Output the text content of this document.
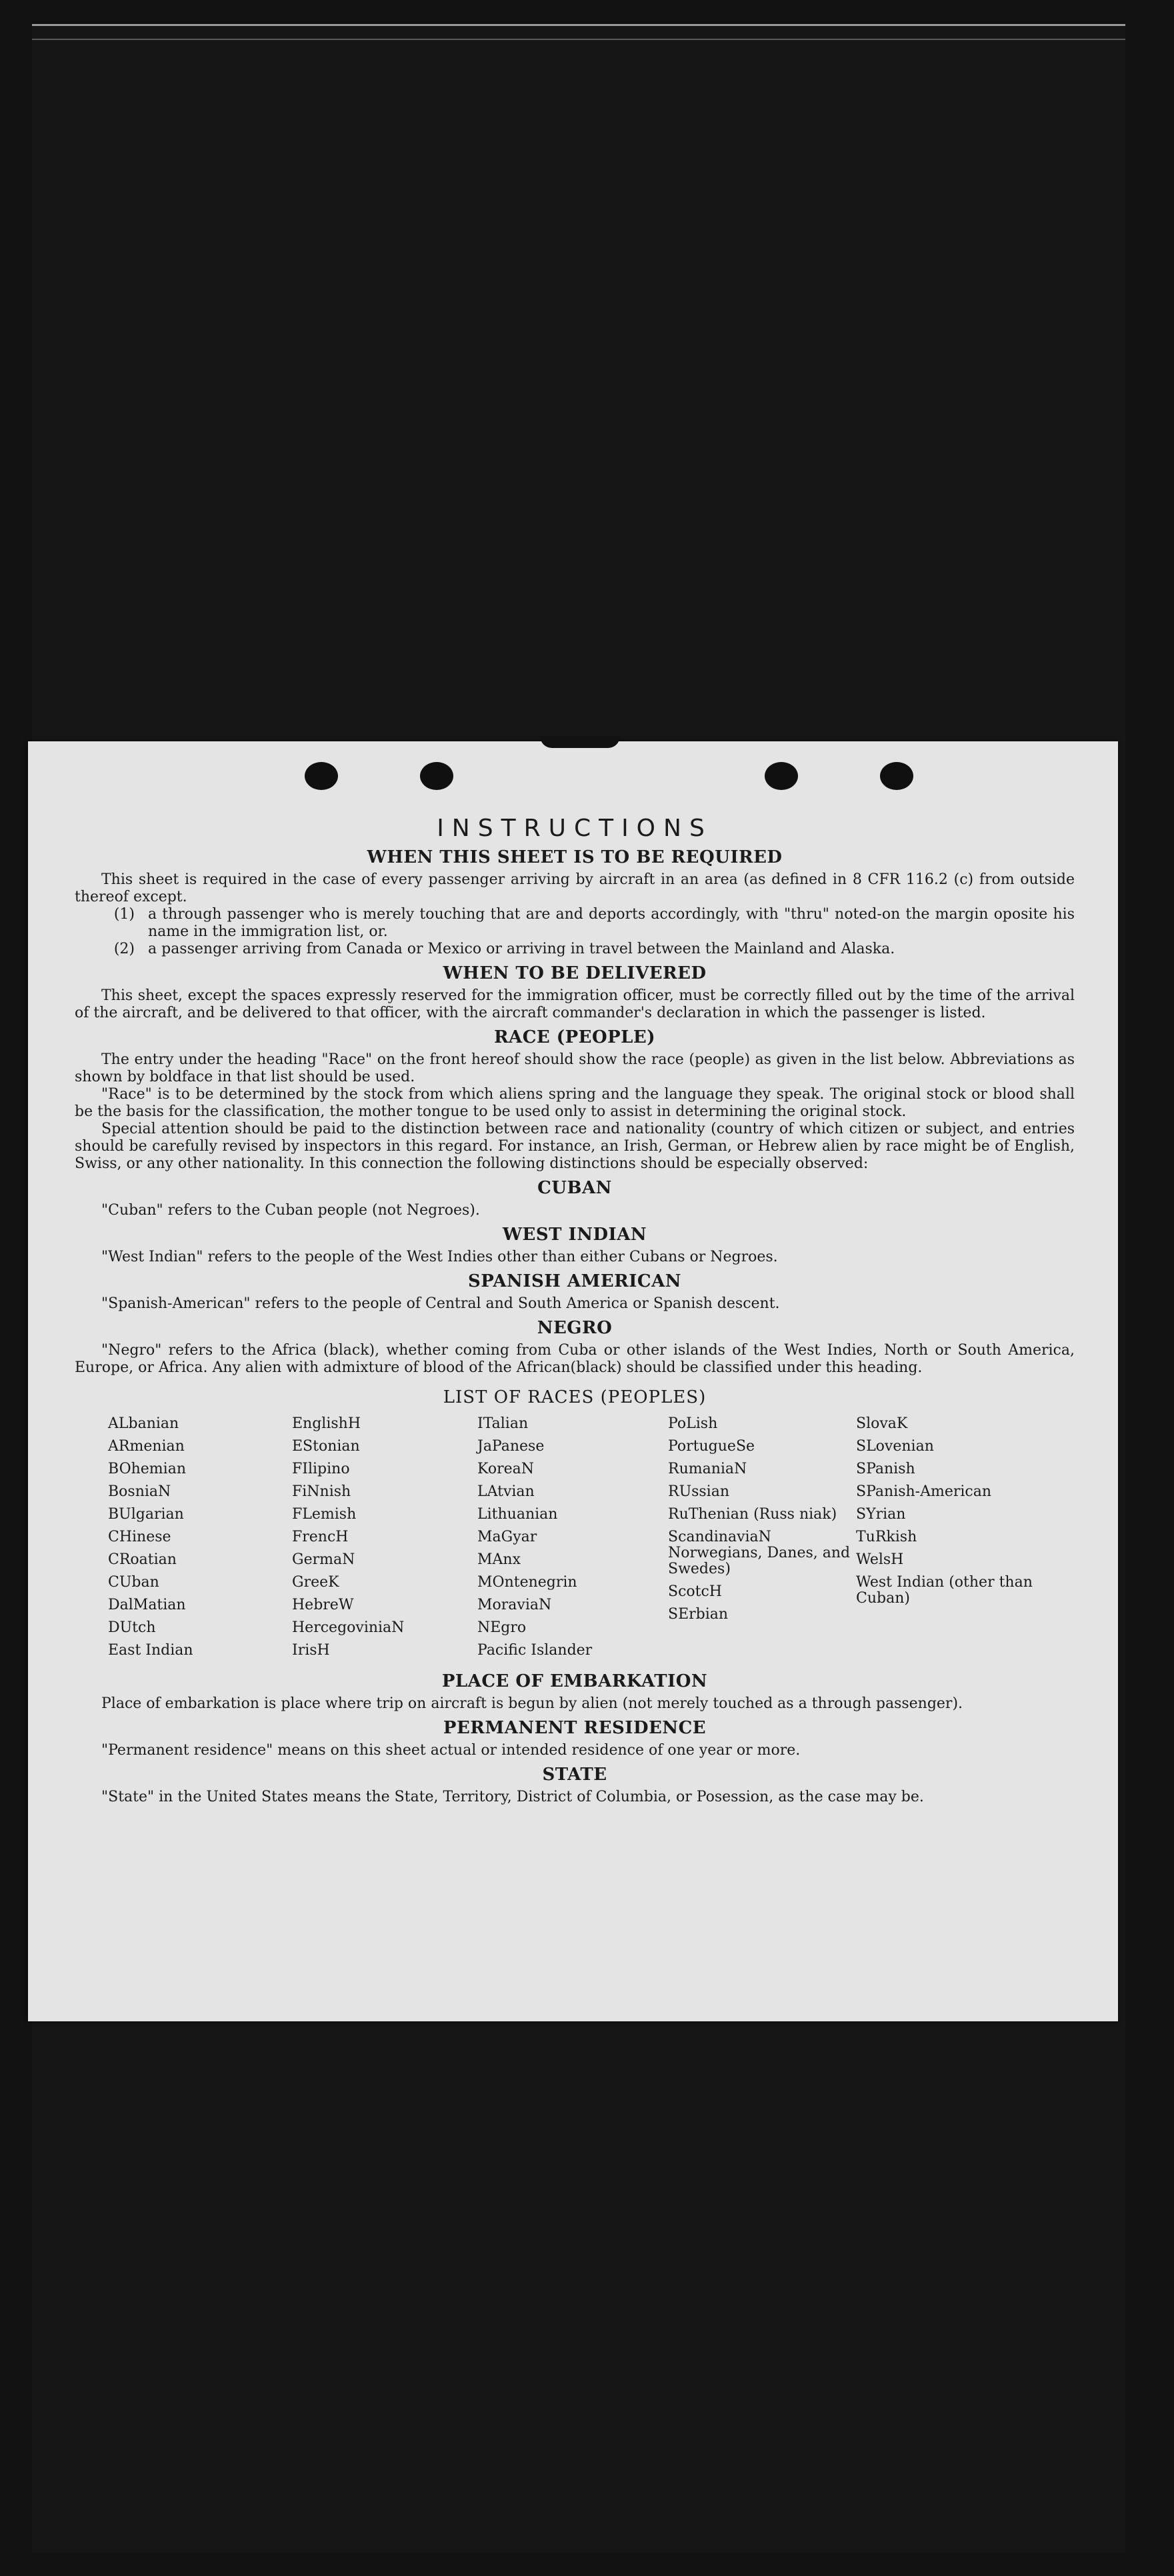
INSTRUCTIONS
WHEN THIS SHEET IS TO BE REQUIRED

This sheet is required in the case of every passenger arriving by aircraft in an area (as defined in 8 CFR 116.2 (c) from outside thereof except.

(1) a through passenger who is merely touching that are and deports accordingly, with "thru" noted-on the margin oposite his name in the immigration list, or.
(2) a passenger arriving from Canada or Mexico or arriving in travel between the Mainland and Alaska.
WHEN TO BE DELIVERED

This sheet, except the spaces expressly reserved for the immigration officer, must be correctly filled out by the time of the arrival of the aircraft, and be delivered to that officer, with the aircraft commander's declaration in which the passenger is listed.

RACE (PEOPLE)

The entry under the heading "Race" on the front hereof should show the race (people) as given in the list below. Abbreviations as shown by boldface in that list should be used.

"Race" is to be determined by the stock from which aliens spring and the language they speak. The original stock or blood shall be the basis for the classification, the mother tongue to be used only to assist in determining the original stock.

Special attention should be paid to the distinction between race and nationality (country of which citizen or subject, and entries should be carefully revised by inspectors in this regard. For instance, an Irish, German, or Hebrew alien by race might be of English, Swiss, or any other nationality. In this connection the following distinctions should be especially observed:

CUBAN

"Cuban" refers to the Cuban people (not Negroes).

WEST INDIAN

"West Indian" refers to the people of the West Indies other than either Cubans or Negroes.

SPANISH AMERICAN

"Spanish-American" refers to the people of Central and South America or Spanish descent.

NEGRO

"Negro" refers to the Africa (black), whether coming from Cuba or other islands of the West Indies, North or South America, Europe, or Africa. Any alien with admixture of blood of the African(black) should be classified under this heading.

LIST OF RACES (PEOPLES)
ALbanian
ARmenian
BOhemian
BosniaN
BUlgarian
CHinese
CRoatian
CUban
DalMatian
DUtch
East Indian
EnglishH
EStonian
FIlipino
FiNnish
FLemish
FrencH
GermaN
GreeK
HebreW
HercegoviniaN
IrisH
ITalian
JaPanese
KoreaN
LAtvian
Lithuanian
MaGyar
MAnx
MOntenegrin
MoraviaN
NEgro
Pacific Islander
PoLish
PortugueSe
RumaniaN
RUssian
RuThenian (Russ niak)
ScandinaviaN Norwegians, Danes, and Swedes)
ScotcH
SErbian
SlovaK
SLovenian
SPanish
SPanish-American
SYrian
TuRkish
WelsH
West Indian (other than Cuban)
PLACE OF EMBARKATION

Place of embarkation is place where trip on aircraft is begun by alien (not merely touched as a through passenger).

PERMANENT RESIDENCE

"Permanent residence" means on this sheet actual or intended residence of one year or more.

STATE

"State" in the United States means the State, Territory, District of Columbia, or Posession, as the case may be.
